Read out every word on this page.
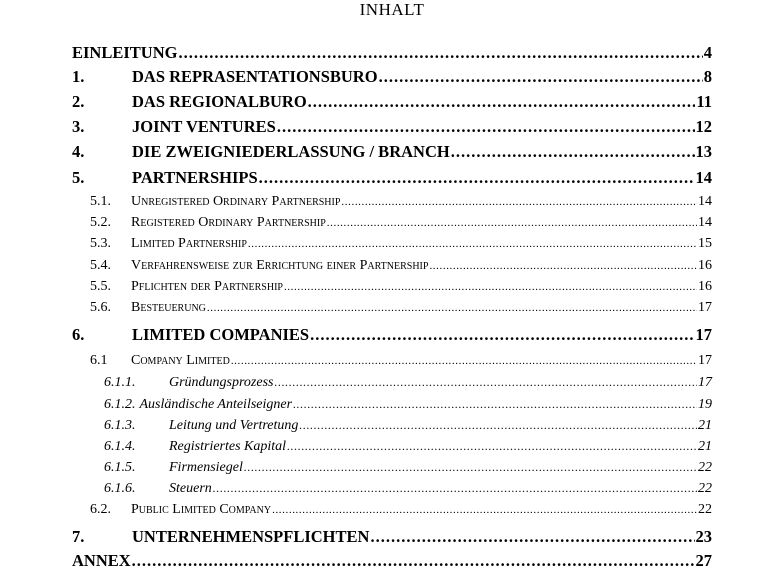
INHALT
EINLEITUNG .....	4
1.	DAS REPRASENTATIONSBURO .....	8
2.	DAS REGIONALBURO .....	11
3.	JOINT VENTURES .....	12
4.	DIE ZWEIGNIEDERLASSUNG / BRANCH .....	13
5.	PARTNERSHIPS .....	14
5.1.	Unregistered Ordinary Partnership .....	14
5.2.	Registered Ordinary Partnership .....	14
5.3.	Limited Partnership .....	15
5.4.	Verfahrensweise zur Errichtung einer Partnership .....	16
5.5.	Pflichten der Partnership .....	16
5.6.	Besteuerung .....	17
6.	LIMITED COMPANIES .....	17
6.1	Company Limited .....	17
6.1.1.	Gründungsprozess .....	17
6.1.2. Ausländische Anteilseigner .....	19
6.1.3.	Leitung und Vertretung .....	21
6.1.4.	Registriertes Kapital .....	21
6.1.5.	Firmensiegel .....	22
6.1.6.	Steuern .....	22
6.2.	Public Limited Company .....	22
7.	UNTERNEHMENSPFLICHTEN .....	23
ANNEX .....	27
